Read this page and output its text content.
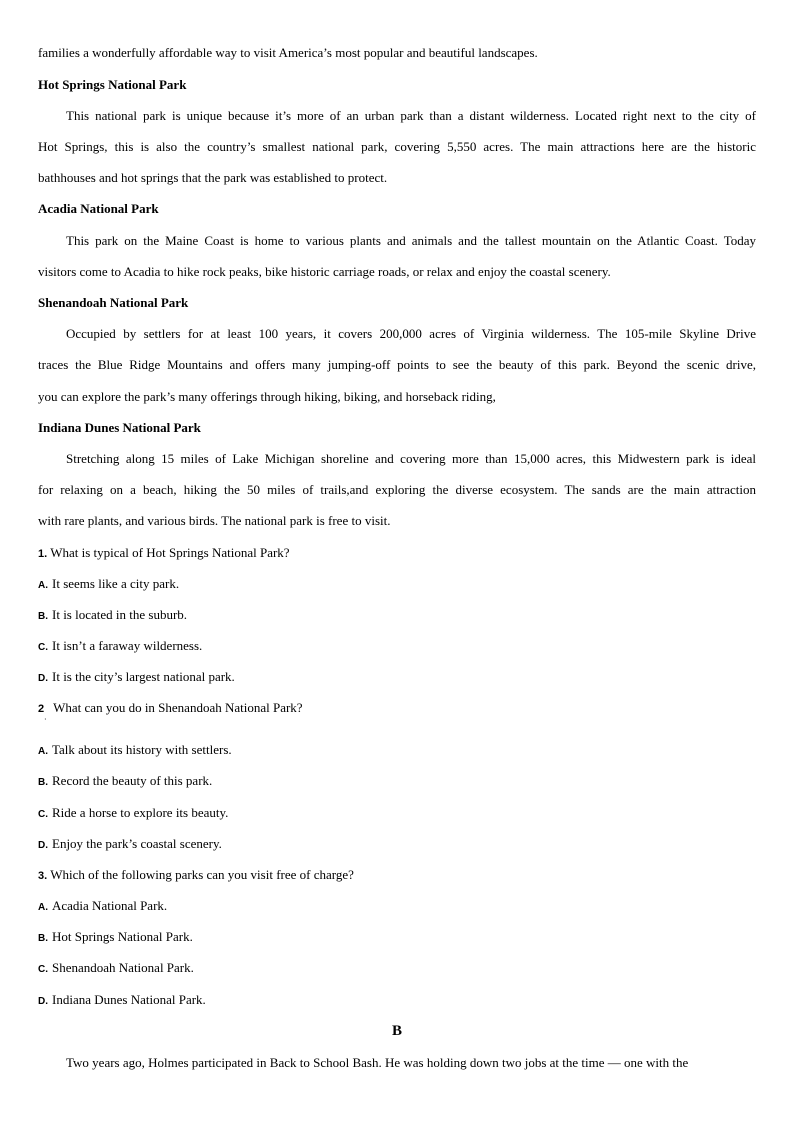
families a wonderfully affordable way to visit America’s most popular and beautiful landscapes.
Hot Springs National Park
This national park is unique because it’s more of an urban park than a distant wilderness. Located right next to the city of
Hot Springs, this is also the country’s smallest national park, covering 5,550 acres. The main attractions here are the historic
bathhouses and hot springs that the park was established to protect.
Acadia National Park
This park on the Maine Coast is home to various plants and animals and the tallest mountain on the Atlantic Coast. Today
visitors come to Acadia to hike rock peaks, bike historic carriage roads, or relax and enjoy the coastal scenery.
Shenandoah National Park
Occupied by settlers for at least 100 years, it covers 200,000 acres of Virginia wilderness. The 105-mile Skyline Drive
traces the Blue Ridge Mountains and offers many jumping-off points to see the beauty of this park. Beyond the scenic drive,
you can explore the park’s many offerings through hiking, biking, and horseback riding,
Indiana Dunes National Park
Stretching along 15 miles of Lake Michigan shoreline and covering more than 15,000 acres, this Midwestern park is ideal
for relaxing on a beach, hiking the 50 miles of trails,and exploring the diverse ecosystem. The sands are the main attraction
with rare plants, and various birds. The national park is free to visit.
1. What is typical of Hot Springs National Park?
A. It seems like a city park.
B. It is located in the suburb.
C. It isn’t a faraway wilderness.
D. It is the city’s largest national park.
2 What can you do in Shenandoah National Park?
·
A. Talk about its history with settlers.
B. Record the beauty of this park.
C. Ride a horse to explore its beauty.
D. Enjoy the park’s coastal scenery.
3. Which of the following parks can you visit free of charge?
A. Acadia National Park.
B. Hot Springs National Park.
C. Shenandoah National Park.
D. Indiana Dunes National Park.
B
Two years ago, Holmes participated in Back to School Bash. He was holding down two jobs at the time — one with the
